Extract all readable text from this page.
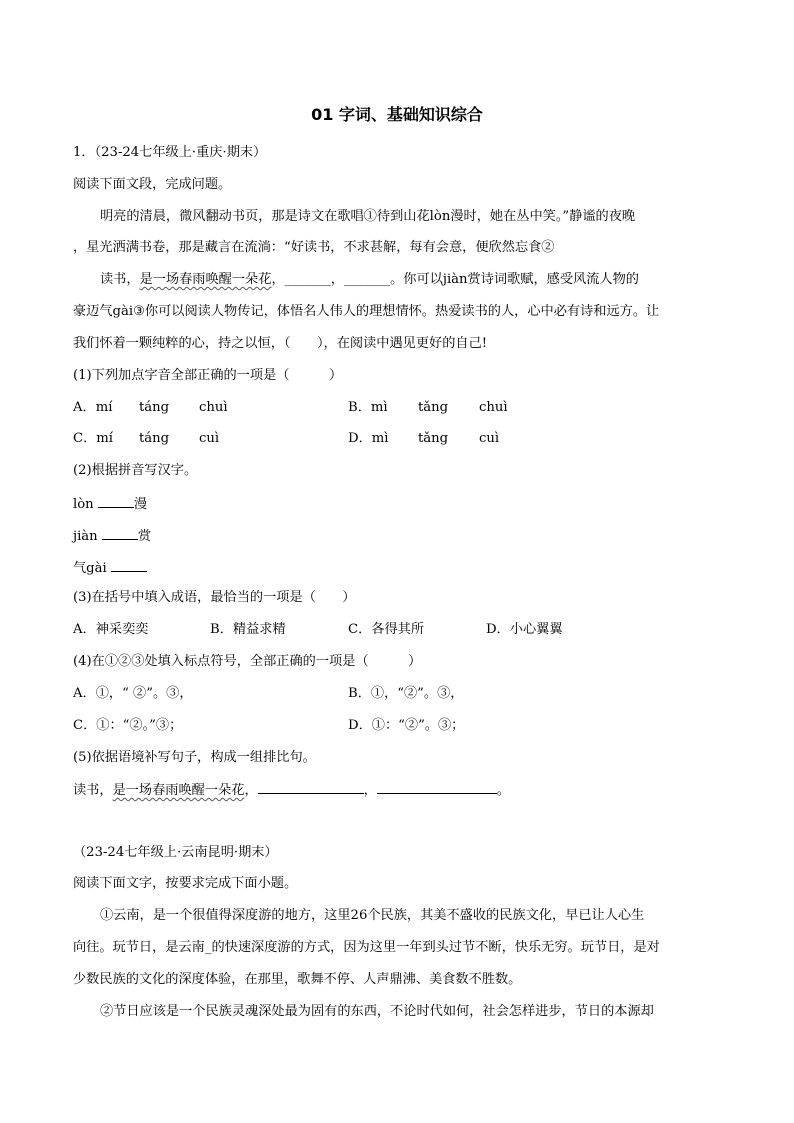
01 字词、基础知识综合
1．（23-24七年级上·重庆·期末）
阅读下面文段，完成问题。
明亮的清晨，微风翻动书页，那是诗文在歌唱①待到山花lòn漫时，她在丛中笑。”静谧的夜晚
，星光洒满书卷，那是藏言在流淌：“好读书，不求甚解，每有会意，便欣然忘食②
读书，是一场春雨唤醒一朵花，_______，_______。你可以jiàn赏诗词歌赋，感受风流人物的
豪迈气gài③你可以阅读人物传记，体悟名人伟人的理想情怀。热爱读书的人，心中必有诗和远方。让
我们怀着一颗纯粹的心，持之以恒，（　　），在阅读中遇见更好的自己!
(1)下列加点字音全部正确的一项是（　　　）
A．mí táng chuì	B．mì tǎng chuì
C．mí táng cuì	D．mì tǎng cuì
(2)根据拼音写汉字。
lòn	漫
jiàn	赏
气gài
(3)在括号中填入成语，最恰当的一项是（　　）
A．神采奕奕	B．精益求精	C．各得其所	D．小心翼翼
(4)在①②③处填入标点符号，全部正确的一项是（　　　）
A．①，“ ②”。③，	B．①，“②”。③，
C．①：“②。”③；	D．①：“②”。③；
(5)依据语境补写句子，构成一组排比句。
读书，是一场春雨唤醒一朵花，	，	。
（23-24七年级上·云南昆明·期末）
阅读下面文字，按要求完成下面小题。
①云南，是一个很值得深度游的地方，这里26个民族，其美不盛收的民族文化，早已让人心生
向往。玩节日，是云南_的快速深度游的方式，因为这里一年到头过节不断，快乐无穷。玩节日，是对
少数民族的文化的深度体验，在那里，歌舞不停、人声鼎沸、美食数不胜数。
②节日应该是一个民族灵魂深处最为固有的东西，不论时代如何，社会怎样进步，节日的本源却
